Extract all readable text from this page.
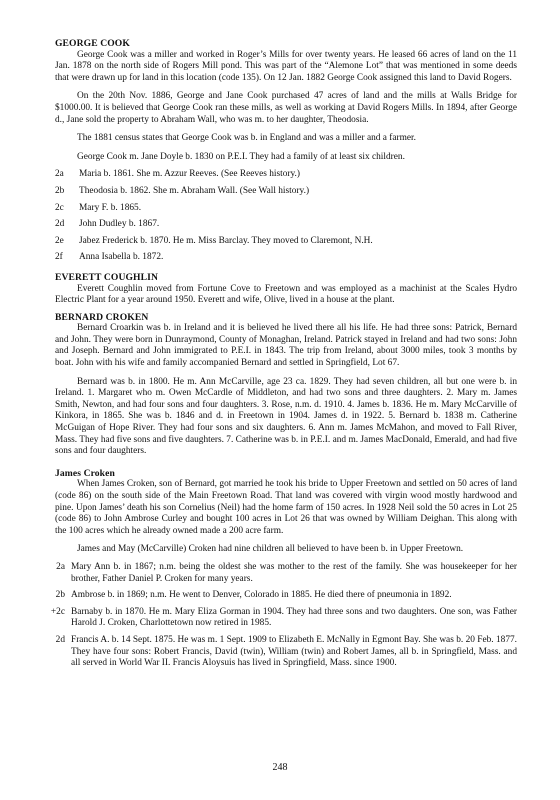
GEORGE COOK

George Cook was a miller and worked in Roger’s Mills for over twenty years. He leased 66 acres of land on the 11 Jan. 1878 on the north side of Rogers Mill pond. This was part of the “Alemone Lot” that was mentioned in some deeds that were drawn up for land in this location (code 135). On 12 Jan. 1882 George Cook assigned this land to David Rogers.

On the 20th Nov. 1886, George and Jane Cook purchased 47 acres of land and the mills at Walls Bridge for $1000.00. It is believed that George Cook ran these mills, as well as working at David Rogers Mills. In 1894, after George d., Jane sold the property to Abraham Wall, who was m. to her daughter, Theodosia.

The 1881 census states that George Cook was b. in England and was a miller and a farmer.

George Cook m. Jane Doyle b. 1830 on P.E.I. They had a family of at least six children.

2a	Maria b. 1861. She m. Azzur Reeves. (See Reeves history.)
2b	Theodosia b. 1862. She m. Abraham Wall. (See Wall history.)
2c	Mary F. b. 1865.
2d	John Dudley b. 1867.
2e	Jabez Frederick b. 1870. He m. Miss Barclay. They moved to Claremont, N.H.
2f	Anna Isabella b. 1872.
EVERETT COUGHLIN

Everett Coughlin moved from Fortune Cove to Freetown and was employed as a machinist at the Scales Hydro Electric Plant for a year around 1950. Everett and wife, Olive, lived in a house at the plant.

BERNARD CROKEN

Bernard Croarkin was b. in Ireland and it is believed he lived there all his life. He had three sons: Patrick, Bernard and John. They were born in Dunraymond, County of Monaghan, Ireland. Patrick stayed in Ireland and had two sons: John and Joseph. Bernard and John immigrated to P.E.I. in 1843. The trip from Ireland, about 3000 miles, took 3 months by boat. John with his wife and family accompanied Bernard and settled in Springfield, Lot 67.

Bernard was b. in 1800. He m. Ann McCarville, age 23 ca. 1829. They had seven children, all but one were b. in Ireland. 1. Margaret who m. Owen McCardle of Middleton, and had two sons and three daughters. 2. Mary m. James Smith, Newton, and had four sons and four daughters. 3. Rose, n.m. d. 1910. 4. James b. 1836. He m. Mary McCarville of Kinkora, in 1865. She was b. 1846 and d. in Freetown in 1904. James d. in 1922. 5. Bernard b. 1838 m. Catherine McGuigan of Hope River. They had four sons and six daughters. 6. Ann m. James McMahon, and moved to Fall River, Mass. They had five sons and five daughters. 7. Catherine was b. in P.E.I. and m. James MacDonald, Emerald, and had five sons and four daughters.

James Croken

When James Croken, son of Bernard, got married he took his bride to Upper Freetown and settled on 50 acres of land (code 86) on the south side of the Main Freetown Road. That land was covered with virgin wood mostly hardwood and pine. Upon James’ death his son Cornelius (Neil) had the home farm of 150 acres. In 1928 Neil sold the 50 acres in Lot 25 (code 86) to John Ambrose Curley and bought 100 acres in Lot 26 that was owned by William Deighan. This along with the 100 acres which he already owned made a 200 acre farm.

James and May (McCarville) Croken had nine children all believed to have been b. in Upper Freetown.

2a Mary Ann b. in 1867; n.m. being the oldest she was mother to the rest of the family. She was housekeeper for her brother, Father Daniel P. Croken for many years.
2b Ambrose b. in 1869; n.m. He went to Denver, Colorado in 1885. He died there of pneumonia in 1892.
+2c Barnaby b. in 1870. He m. Mary Eliza Gorman in 1904. They had three sons and two daughters. One son, was Father Harold J. Croken, Charlottetown now retired in 1985.
2d Francis A. b. 14 Sept. 1875. He was m. 1 Sept. 1909 to Elizabeth E. McNally in Egmont Bay. She was b. 20 Feb. 1877. They have four sons: Robert Francis, David (twin), William (twin) and Robert James, all b. in Springfield, Mass. and all served in World War II. Francis Aloysuis has lived in Springfield, Mass. since 1900.
248
